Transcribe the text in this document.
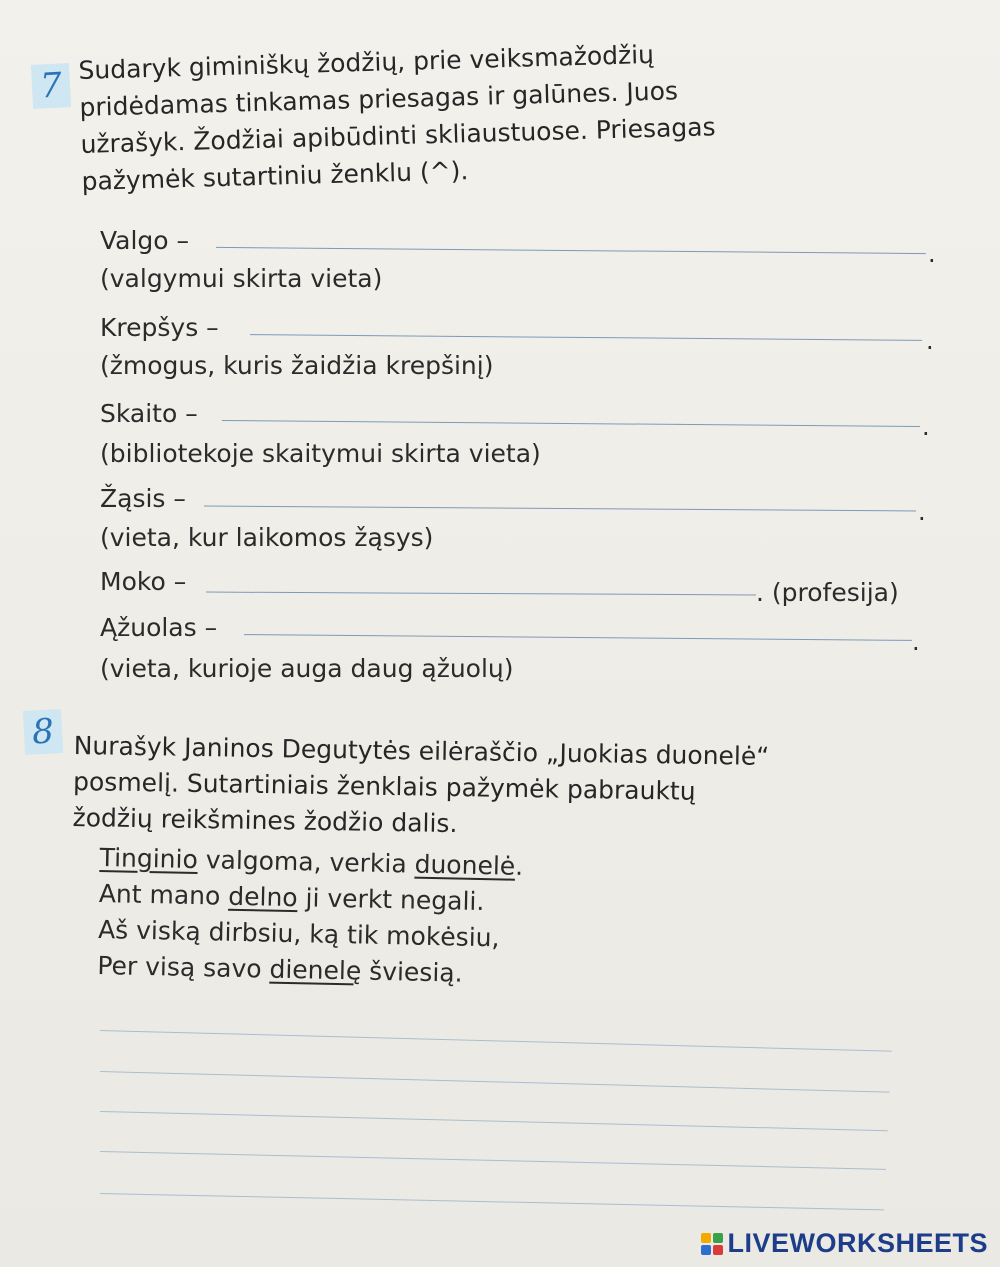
7
Sudaryk giminiškų žodžių, prie veiksmažodžių
pridėdamas tinkamas priesagas ir galūnes. Juos
užrašyk. Žodžiai apibūdinti skliaustuose. Priesagas
pažymėk sutartiniu ženklu (^).
Valgo –	.
(valgymui skirta vieta)
Krepšys –	.
(žmogus, kuris žaidžia krepšinį)
Skaito –	.
(bibliotekoje skaitymui skirta vieta)
Žąsis –	.
(vieta, kur laikomos žąsys)
Moko –	. (profesija)
Ąžuolas –	.
(vieta, kurioje auga daug ąžuolų)
8 Nurašyk Janinos Degutytės eilėraščio „Juokias duonelė“
posmelį. Sutartiniais ženklais pažymėk pabrauktų
žodžių reikšmines žodžio dalis.
Tinginio valgoma, verkia duonelė.
Ant mano delno ji verkt negali.
Aš viską dirbsiu, ką tik mokėsiu,
Per visą savo dienelę šviesią.
LIVEWORKSHEETS
